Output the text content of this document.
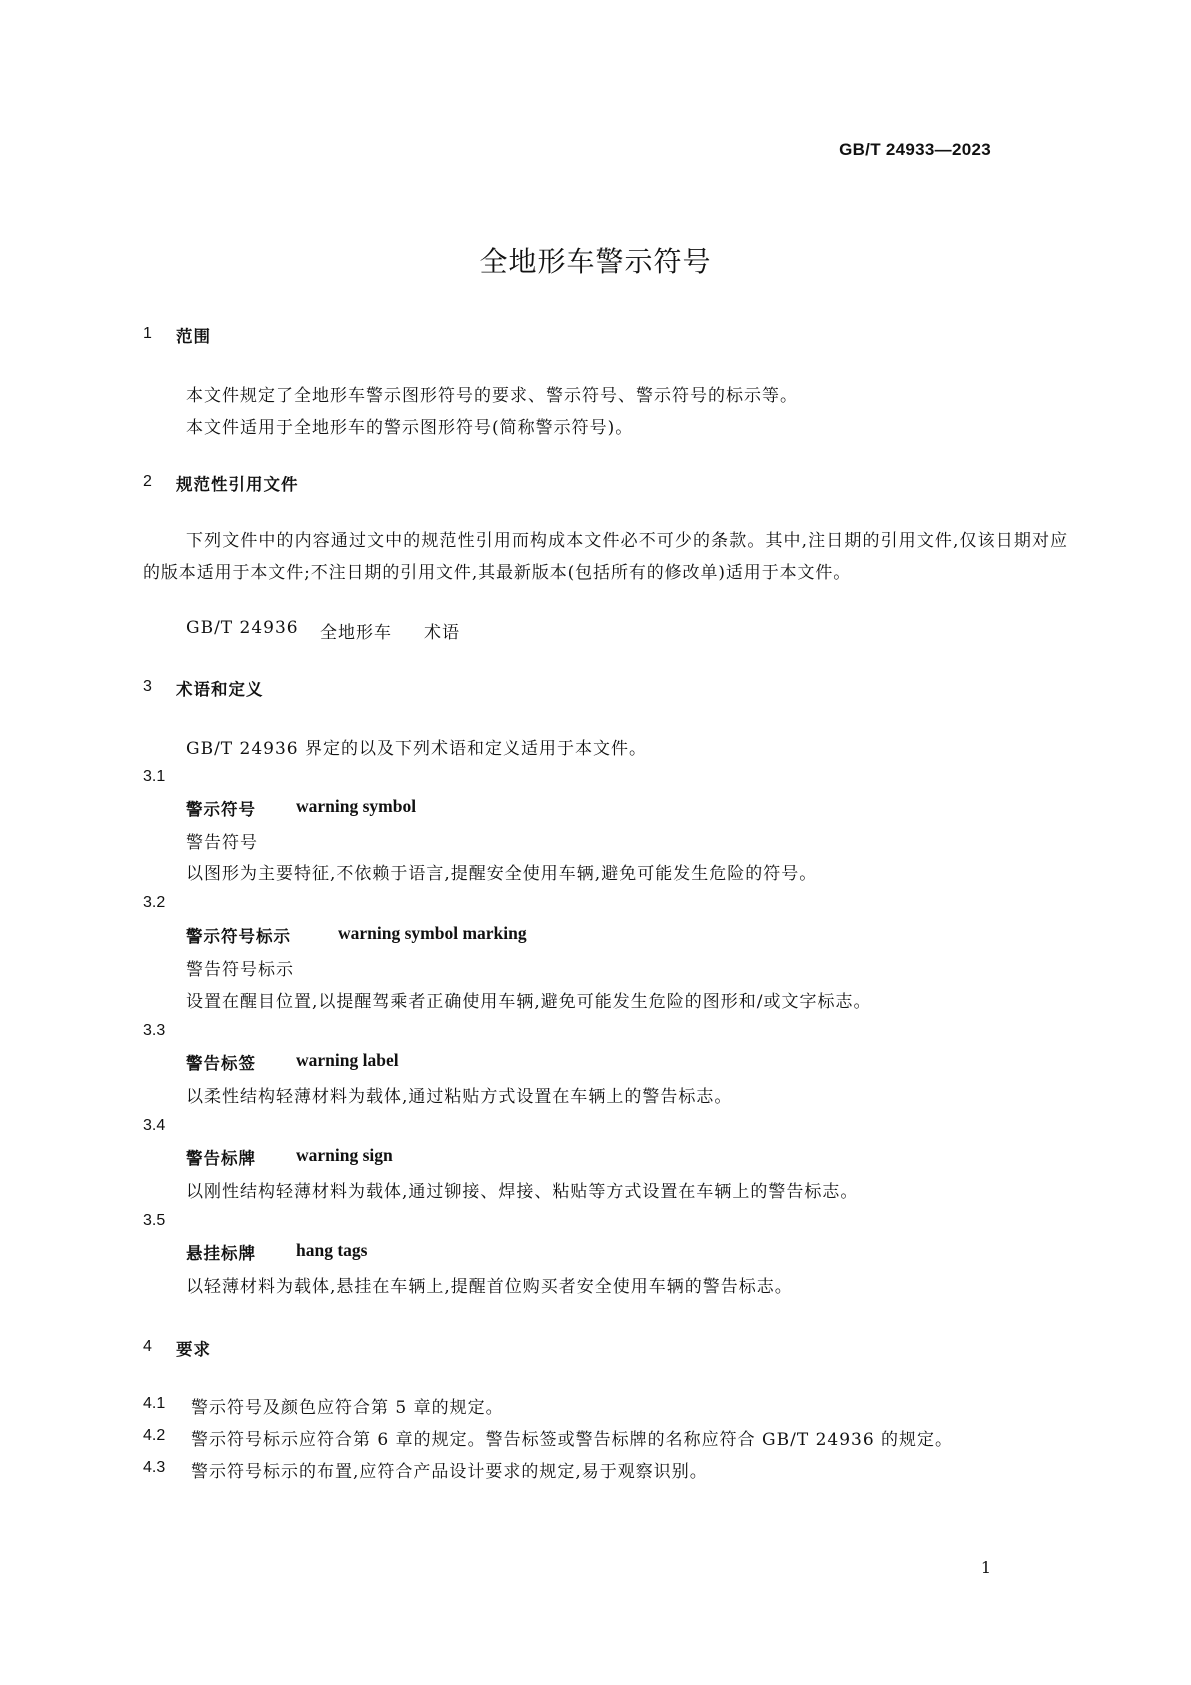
GB/T 24933—2023
全地形车警示符号
1 范围
本文件规定了全地形车警示图形符号的要求、警示符号、警示符号的标示等。
本文件适用于全地形车的警示图形符号(简称警示符号)。
2 规范性引用文件
下列文件中的内容通过文中的规范性引用而构成本文件必不可少的条款。其中,注日期的引用文件,仅该日期对应的版本适用于本文件;不注日期的引用文件,其最新版本(包括所有的修改单)适用于本文件。
GB/T 24936 全地形车 术语
3 术语和定义
GB/T 24936 界定的以及下列术语和定义适用于本文件。
3.1
警示符号 warning symbol
警告符号
以图形为主要特征,不依赖于语言,提醒安全使用车辆,避免可能发生危险的符号。
3.2
警示符号标示	warning symbol marking
警告符号标示
设置在醒目位置,以提醒驾乘者正确使用车辆,避免可能发生危险的图形和/或文字标志。
3.3
警告标签 warning label
以柔性结构轻薄材料为载体,通过粘贴方式设置在车辆上的警告标志。
3.4
警告标牌 warning sign
以刚性结构轻薄材料为载体,通过铆接、焊接、粘贴等方式设置在车辆上的警告标志。
3.5
悬挂标牌 hang tags
以轻薄材料为载体,悬挂在车辆上,提醒首位购买者安全使用车辆的警告标志。
4 要求
4.1 警示符号及颜色应符合第 5 章的规定。
4.2 警示符号标示应符合第 6 章的规定。警告标签或警告标牌的名称应符合 GB/T 24936 的规定。
4.3 警示符号标示的布置,应符合产品设计要求的规定,易于观察识别。
1
